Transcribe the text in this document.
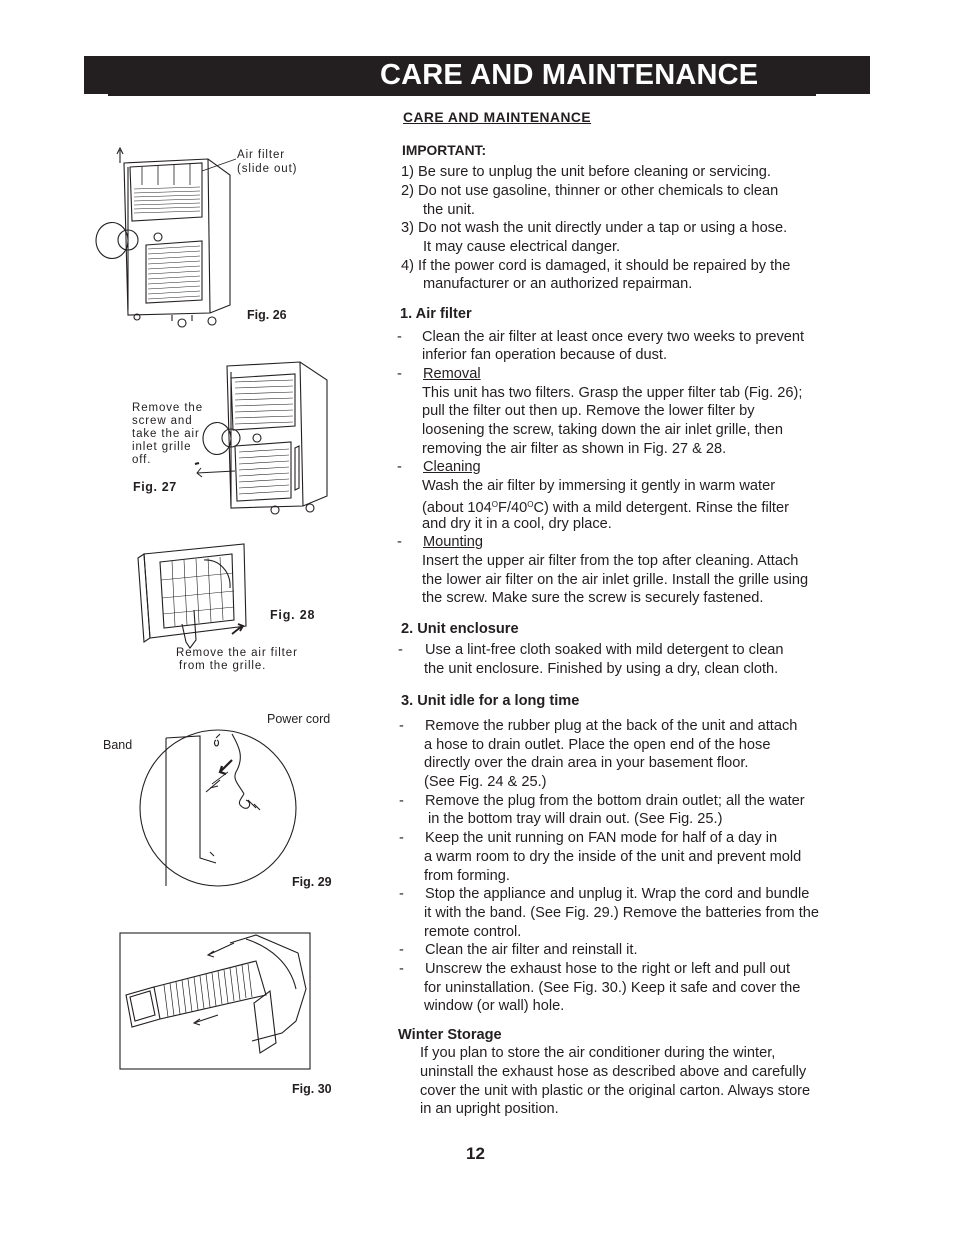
CARE AND MAINTENANCE
CARE AND MAINTENANCE
IMPORTANT:
1) Be sure to unplug the unit before cleaning or servicing.
2) Do not use gasoline, thinner or other chemicals to clean
the unit.
3) Do not wash the unit directly under a tap or using a hose.
It may cause electrical danger.
4) If the power cord is damaged, it should be repaired by the
manufacturer or an authorized repairman.
1. Air filter
- Clean the air filter at least once every two weeks to prevent
inferior fan operation because of dust.
- Removal
This unit has two filters. Grasp the upper filter tab (Fig. 26);
pull the filter out then up. Remove the lower filter by
loosening the screw, taking down the air inlet grille, then
removing the air filter as shown in Fig. 27 & 28.
- Cleaning
Wash the air filter by immersing it gently in warm water
(about $104^OF/40^OC$) with a mild detergent. Rinse the filter
and dry it in a cool, dry place.
- Mounting
Insert the upper air filter from the top after cleaning. Attach
the lower air filter on the air inlet grille. Install the grille using
the screw. Make sure the screw is securely fastened.
2. Unit enclosure
- Use a lint-free cloth soaked with mild detergent to clean
the unit enclosure. Finished by using a dry, clean cloth.
3. Unit idle for a long time
- Remove the rubber plug at the back of the unit and attach
a hose to drain outlet. Place the open end of the hose
directly over the drain area in your basement floor.
(See Fig. 24 & 25.)
- Remove the plug from the bottom drain outlet; all the water
in the bottom tray will drain out. (See Fig. 25.)
- Keep the unit running on FAN mode for half of a day in
a warm room to dry the inside of the unit and prevent mold
from forming.
- Stop the appliance and unplug it. Wrap the cord and bundle
it with the band. (See Fig. 29.) Remove the batteries from the
remote control.
- Clean the air filter and reinstall it.
- Unscrew the exhaust hose to the right or left and pull out
for uninstallation. (See Fig. 30.) Keep it safe and cover the
window (or wall) hole.
Winter Storage
If you plan to store the air conditioner during the winter,
uninstall the exhaust hose as described above and carefully
cover the unit with plastic or the original carton. Always store
in an upright position.
12
Air filter
(slide out)
Fig. 26
Remove the
screw and
take the air
inlet grille
off.
Fig. 27
Fig. 28
Remove the air filter
from the grille.
Power cord
Band
Fig. 29
Fig. 30
